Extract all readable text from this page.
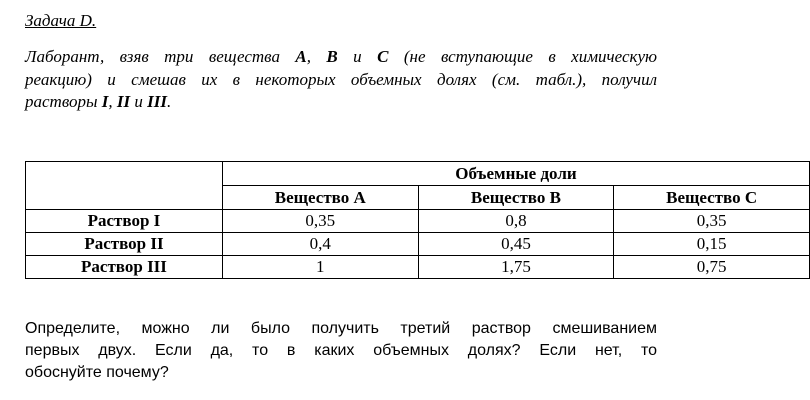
Задача D.
Лаборант, взяв три вещества A, B и C (не вступающие в химическую
реакцию) и смешав их в некоторых объемных долях (см. табл.), получил
растворы I, II и III.
	Объемные доли		
	Вещество A	Вещество B	Вещество C
Раствор I	0,35	0,8	0,35
Раствор II	0,4	0,45	0,15
Раствор III	1	1,75	0,75
Определите, можно ли было получить третий раствор смешиванием
первых двух. Если да, то в каких объемных долях? Если нет, то
обоснуйте почему?
